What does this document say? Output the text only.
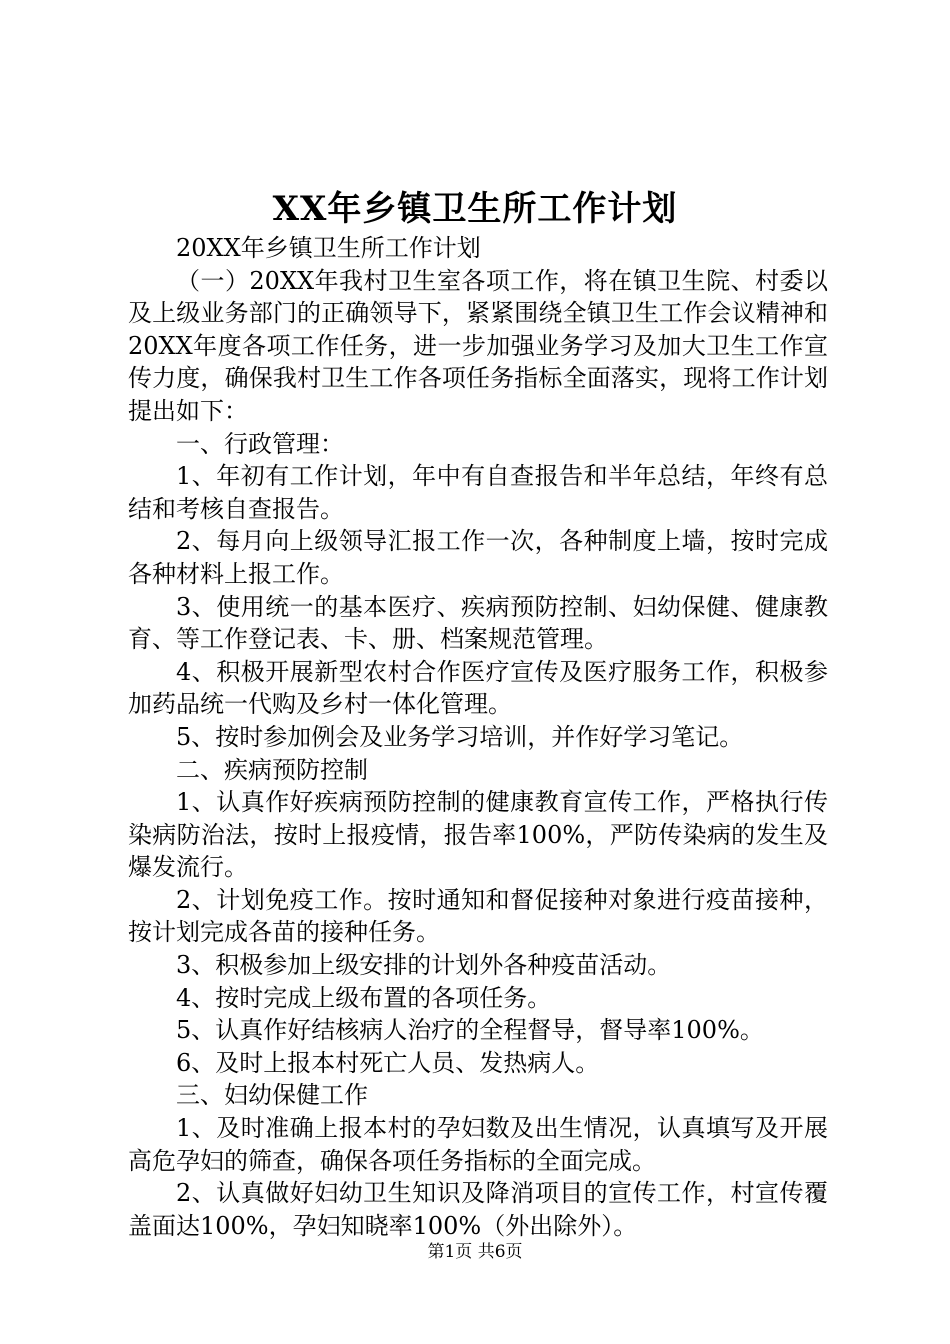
XX年乡镇卫生所工作计划

20XX年乡镇卫生所工作计划

（一）20XX年我村卫生室各项工作，将在镇卫生院、村委以及上级业务部门的正确领导下，紧紧围绕全镇卫生工作会议精神和20XX年度各项工作任务，进一步加强业务学习及加大卫生工作宣传力度，确保我村卫生工作各项任务指标全面落实，现将工作计划提出如下：

一、行政管理：

1、年初有工作计划，年中有自查报告和半年总结，年终有总结和考核自查报告。

2、每月向上级领导汇报工作一次，各种制度上墙，按时完成各种材料上报工作。

3、使用统一的基本医疗、疾病预防控制、妇幼保健、健康教育、等工作登记表、卡、册、档案规范管理。

4、积极开展新型农村合作医疗宣传及医疗服务工作，积极参加药品统一代购及乡村一体化管理。

5、按时参加例会及业务学习培训，并作好学习笔记。

二、疾病预防控制

1、认真作好疾病预防控制的健康教育宣传工作，严格执行传染病防治法，按时上报疫情，报告率100%，严防传染病的发生及爆发流行。

2、计划免疫工作。按时通知和督促接种对象进行疫苗接种，按计划完成各苗的接种任务。

3、积极参加上级安排的计划外各种疫苗活动。

4、按时完成上级布置的各项任务。

5、认真作好结核病人治疗的全程督导，督导率100%。

6、及时上报本村死亡人员、发热病人。

三、妇幼保健工作

1、及时准确上报本村的孕妇数及出生情况，认真填写及开展高危孕妇的筛查，确保各项任务指标的全面完成。

2、认真做好妇幼卫生知识及降消项目的宣传工作，村宣传覆盖面达100%，孕妇知晓率100%（外出除外）。

第1页 共6页
